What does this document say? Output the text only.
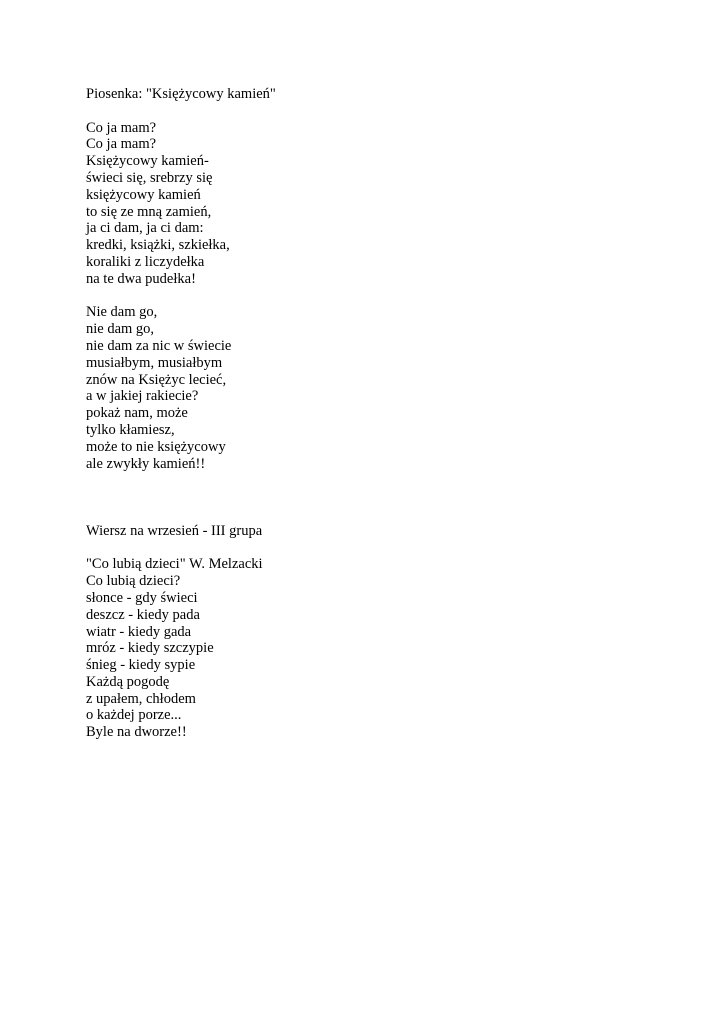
Piosenka: "Księżycowy kamień"
Co ja mam?
Co ja mam?
Księżycowy kamień-
świeci się, srebrzy się
księżycowy kamień
to się ze mną zamień,
ja ci dam, ja ci dam:
kredki, książki, szkiełka,
koraliki z liczydełka
na te dwa pudełka!
Nie dam go,
nie dam go,
nie dam za nic w świecie
musiałbym, musiałbym
znów na Księżyc lecieć,
a w jakiej rakiecie?
pokaż nam, może
tylko kłamiesz,
może to nie księżycowy
ale zwykły kamień!!
Wiersz na wrzesień - III grupa
"Co lubią dzieci" W. Melzacki
Co lubią dzieci?
słonce - gdy świeci
deszcz - kiedy pada
wiatr - kiedy gada
mróz - kiedy szczypie
śnieg - kiedy sypie
Każdą pogodę
z upałem, chłodem
o każdej porze...
Byle na dworze!!
